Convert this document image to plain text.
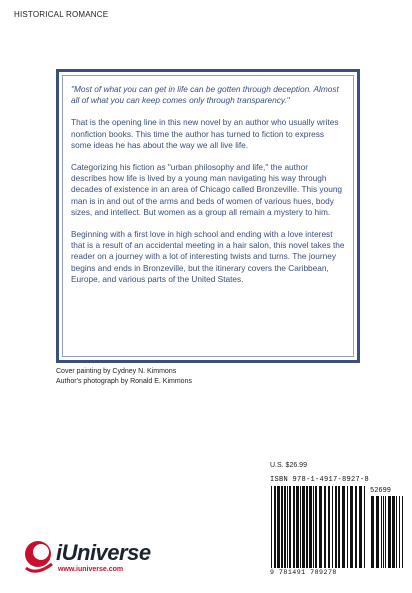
HISTORICAL ROMANCE

"Most of what you can get in life can be gotten through deception. Almost all of what you can keep comes only through transparency."

That is the opening line in this new novel by an author who usually writes nonfiction books. This time the author has turned to fiction to express some ideas he has about the way we all live life.

Categorizing his fiction as "urban philosophy and life," the author describes how life is lived by a young man navigating his way through decades of existence in an area of Chicago called Bronzeville. This young man is in and out of the arms and beds of women of various hues, body sizes, and intellect. But women as a group all remain a mystery to him.

Beginning with a first love in high school and ending with a love interest that is a result of an accidental meeting in a hair salon, this novel takes the reader on a journey with a lot of interesting twists and turns. The journey begins and ends in Bronzeville, but the itinerary covers the Caribbean, Europe, and various parts of the United States.

Cover painting by Cydney N. Kimmons
Author's photograph by Ronald E. Kimmons
U.S. $26.99
ISBN 978-1-4917-8927-8
52699
9 781491 789278
iUniverse
www.iuniverse.com
